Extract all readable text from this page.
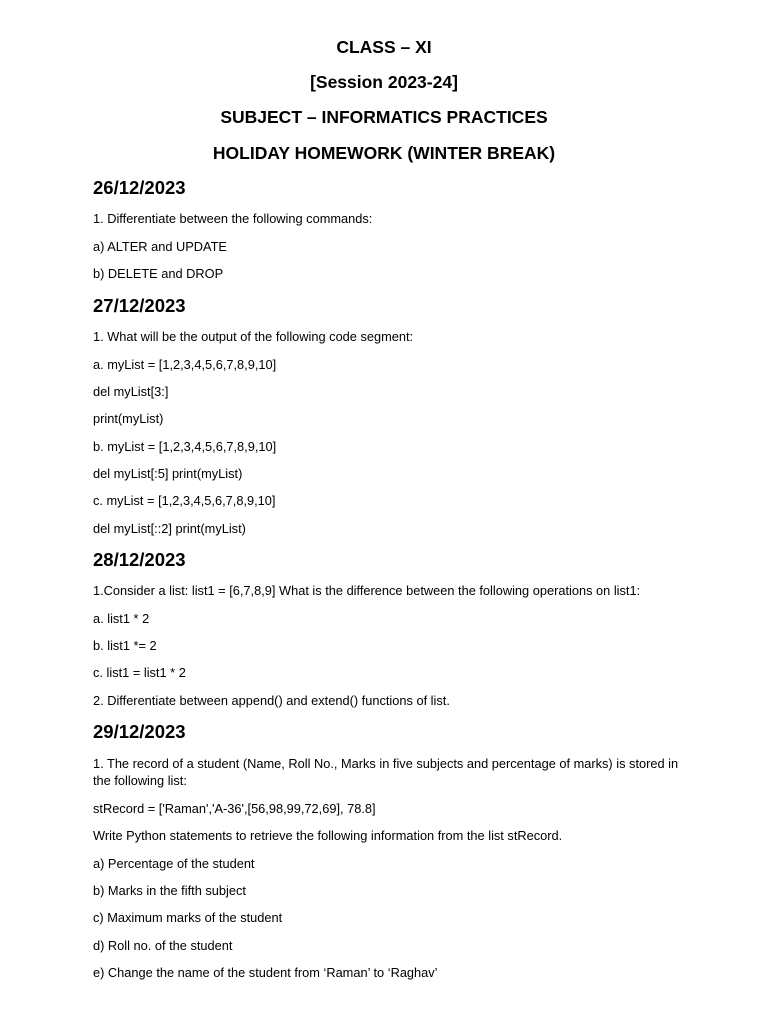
CLASS – XI
[Session 2023-24]
SUBJECT – INFORMATICS PRACTICES
HOLIDAY HOMEWORK (WINTER BREAK)
26/12/2023
1. Differentiate between the following commands:
a) ALTER and UPDATE
b) DELETE and DROP
27/12/2023
1. What will be the output of the following code segment:
a. myList = [1,2,3,4,5,6,7,8,9,10]
del myList[3:]
print(myList)
b. myList = [1,2,3,4,5,6,7,8,9,10]
del myList[:5] print(myList)
c. myList = [1,2,3,4,5,6,7,8,9,10]
del myList[::2] print(myList)
28/12/2023
1.Consider a list: list1 = [6,7,8,9] What is the difference between the following operations on list1:
a. list1 * 2
b. list1 *= 2
c. list1 = list1 * 2
2. Differentiate between append() and extend() functions of list.
29/12/2023
1. The record of a student (Name, Roll No., Marks in five subjects and percentage of marks) is stored in the following list:
stRecord = ['Raman','A-36',[56,98,99,72,69], 78.8]
Write Python statements to retrieve the following information from the list stRecord.
a) Percentage of the student
b) Marks in the fifth subject
c) Maximum marks of the student
d) Roll no. of the student
e) Change the name of the student from ‘Raman’ to ‘Raghav’
